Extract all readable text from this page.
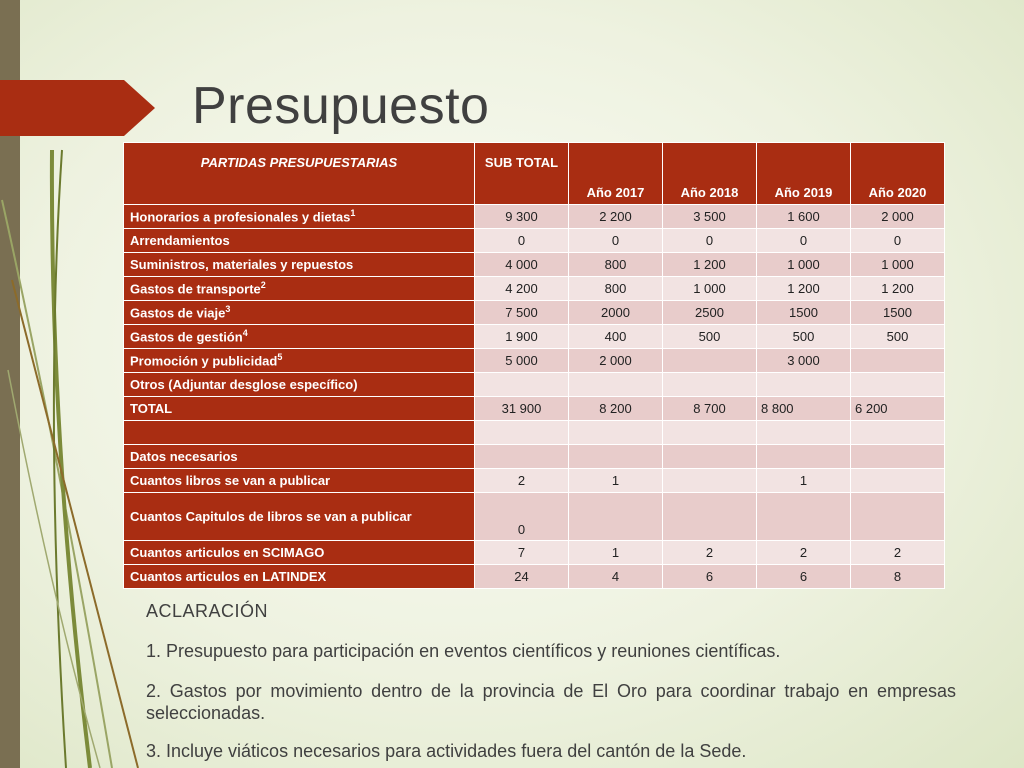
Presupuesto
PARTIDAS PRESUPUESTARIAS	SUB TOTAL	Año 2017	Año 2018	Año 2019	Año 2020
Honorarios a profesionales y dietas$^1$	9 300	2 200	3 500	1 600	2 000
Arrendamientos	0	0	0	0	0
Suministros, materiales y repuestos	4 000	800	1 200	1 000	1 000
Gastos de transporte$^2$	4 200	800	1 000	1 200	1 200
Gastos de viaje$^3$	7 500	2000	2500	1500	1500
Gastos de gestión$^4$	1 900	400	500	500	500
Promoción y publicidad$^5$	5 000	2 000		3 000	
Otros (Adjuntar desglose específico)					
TOTAL	31 900	8 200	8 700	8 800	6 200

Datos necesarios					
Cuantos libros se van a publicar	2	1		1	
Cuantos Capitulos de libros se van a publicar	0				
Cuantos articulos en SCIMAGO	7	1	2	2	2
Cuantos articulos en LATINDEX	24	4	6	6	8

ACLARACIÓN

1. Presupuesto para participación en eventos científicos y reuniones científicas.

2. Gastos por movimiento dentro de la provincia de El Oro para coordinar trabajo en empresas seleccionadas.

3. Incluye viáticos necesarios para actividades fuera del cantón de la Sede.
